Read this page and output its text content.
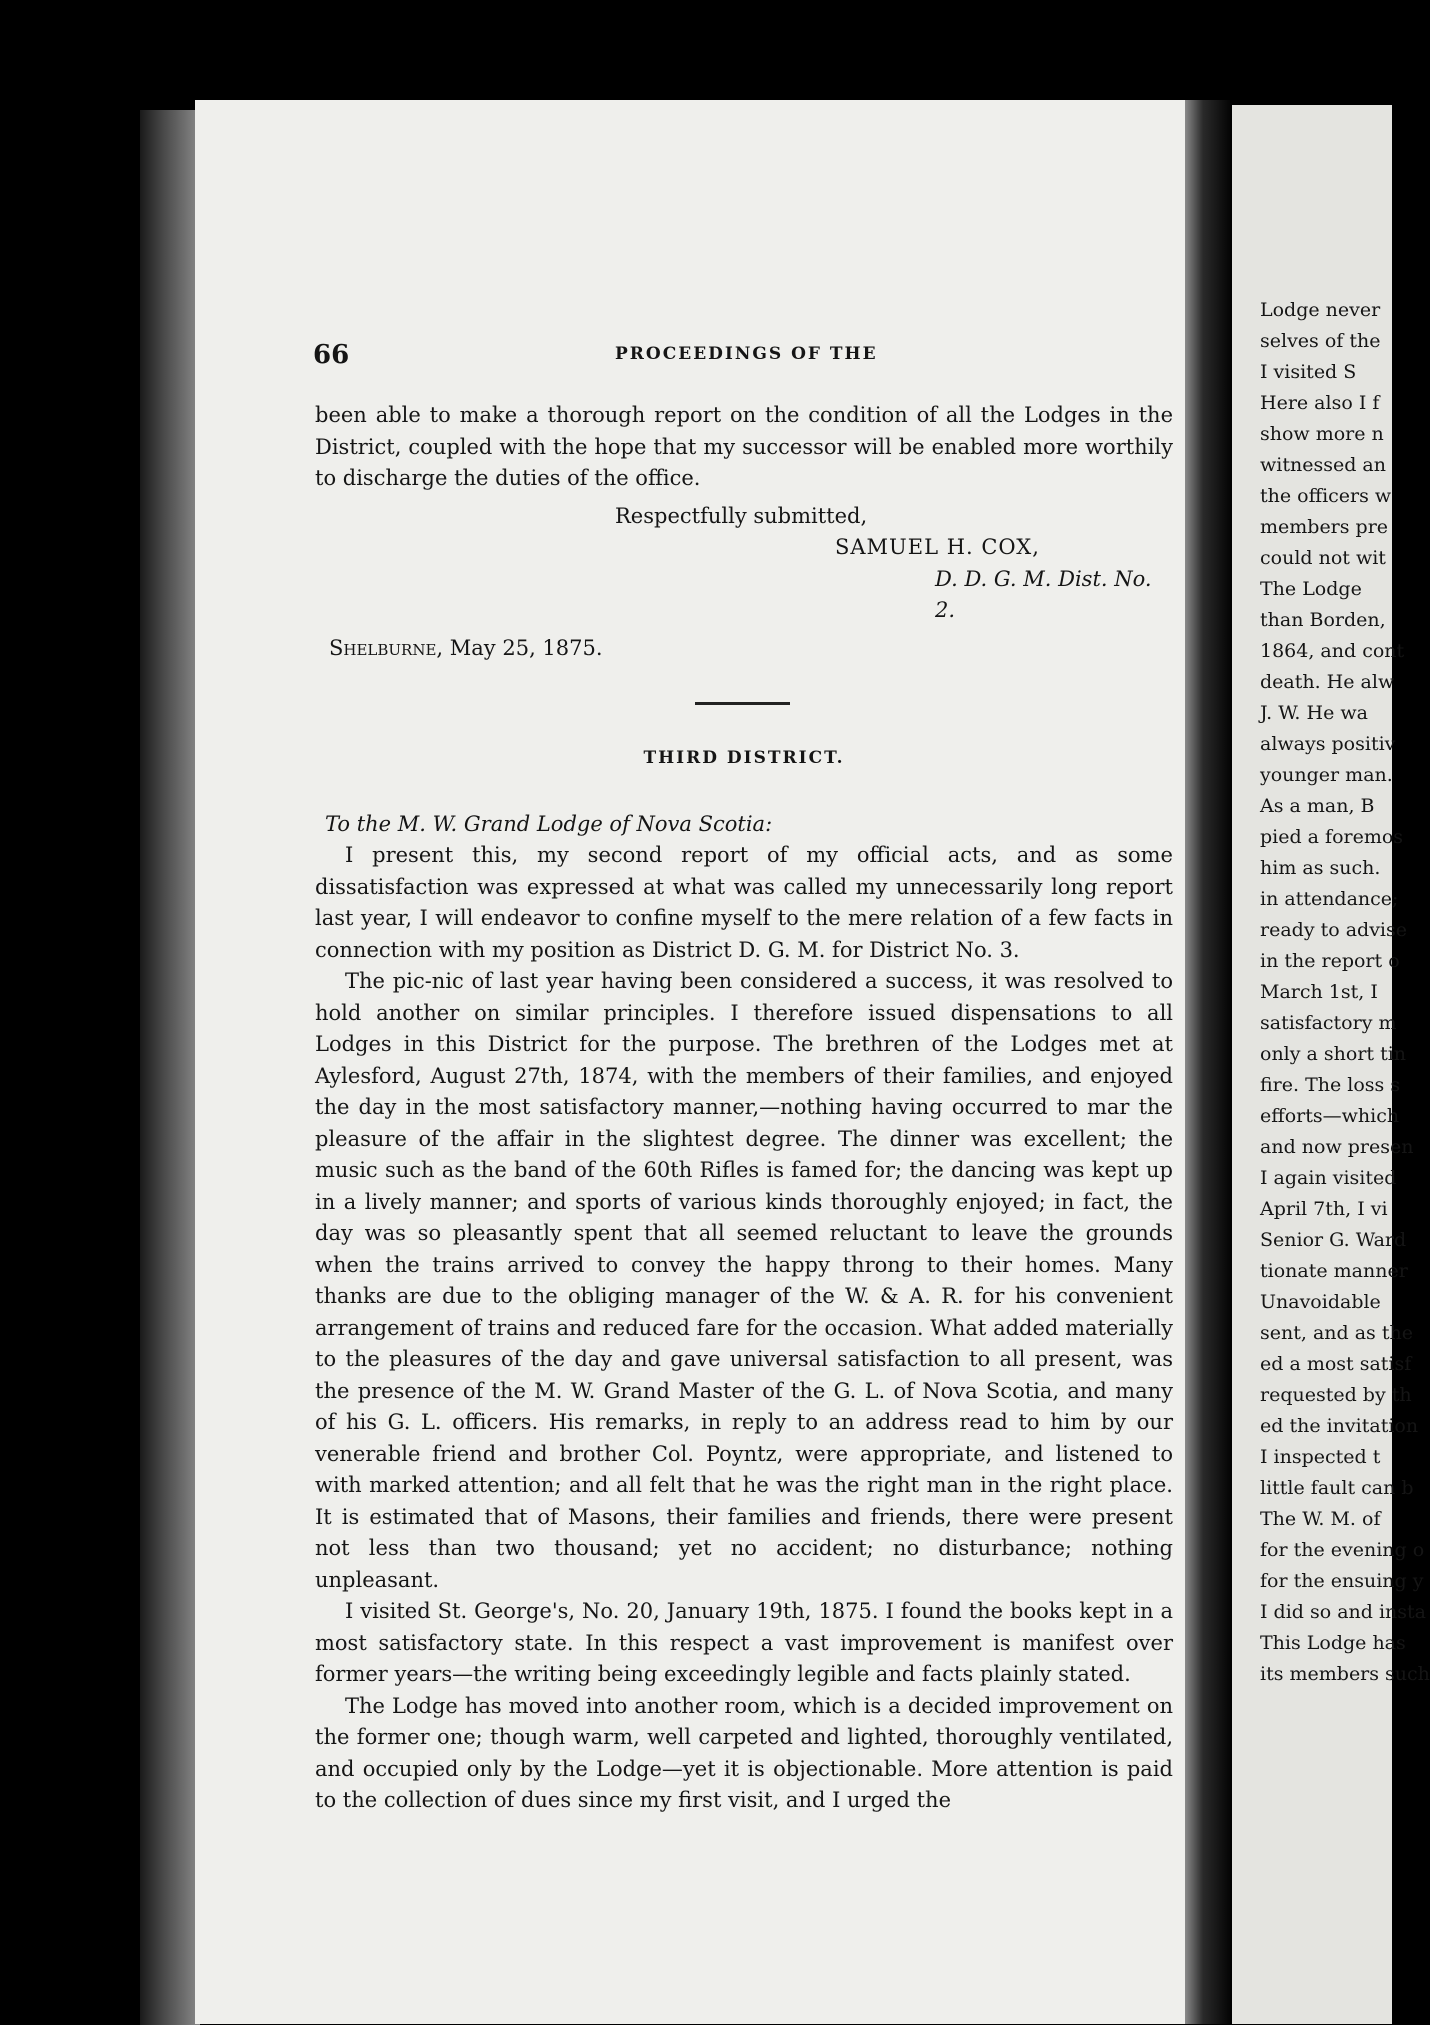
66	PROCEEDINGS OF THE

been able to make a thorough report on the condition of all the Lodges in the District, coupled with the hope that my successor will be enabled more worthily to discharge the duties of the office.

Respectfully submitted,
SAMUEL H. COX,
D. D. G. M. Dist. No. 2.
Shelburne, May 25, 1875.
THIRD DISTRICT.
To the M. W. Grand Lodge of Nova Scotia:

I present this, my second report of my official acts, and as some dissatisfaction was expressed at what was called my unnecessarily long report last year, I will endeavor to confine myself to the mere relation of a few facts in connection with my position as District D. G. M. for District No. 3.

The pic-nic of last year having been considered a success, it was resolved to hold another on similar principles. I therefore issued dispensations to all Lodges in this District for the purpose. The brethren of the Lodges met at Aylesford, August 27th, 1874, with the members of their families, and enjoyed the day in the most satisfactory manner,—nothing having occurred to mar the pleasure of the affair in the slightest degree. The dinner was excellent; the music such as the band of the 60th Rifles is famed for; the dancing was kept up in a lively manner; and sports of various kinds thoroughly enjoyed; in fact, the day was so pleasantly spent that all seemed reluctant to leave the grounds when the trains arrived to convey the happy throng to their homes. Many thanks are due to the obliging manager of the W. & A. R. for his convenient arrangement of trains and reduced fare for the occasion. What added materially to the pleasures of the day and gave universal satisfaction to all present, was the presence of the M. W. Grand Master of the G. L. of Nova Scotia, and many of his G. L. officers. His remarks, in reply to an address read to him by our venerable friend and brother Col. Poyntz, were appropriate, and listened to with marked attention; and all felt that he was the right man in the right place. It is estimated that of Masons, their families and friends, there were present not less than two thousand; yet no accident; no disturbance; nothing unpleasant.

I visited St. George's, No. 20, January 19th, 1875. I found the books kept in a most satisfactory state. In this respect a vast improvement is manifest over former years—the writing being exceedingly legible and facts plainly stated.

The Lodge has moved into another room, which is a decided improvement on the former one; though warm, well carpeted and lighted, thoroughly ventilated, and occupied only by the Lodge—yet it is objectionable. More attention is paid to the collection of dues since my first visit, and I urged the

Lodge never
selves of the
I visited S
Here also I f
show more n
witnessed an
the officers w
members pre
could not wit
The Lodge
than Borden,
1864, and cont
death. He alw
J. W. He wa
always positiv
younger man.
As a man, B
pied a foremos
him as such.
in attendance;
ready to advise
in the report o
March 1st, I
satisfactory m
only a short tin
fire. The loss s
efforts—which
and now presen
I again visited
April 7th, I vi
Senior G. Ward
tionate manner
Unavoidable
sent, and as the
ed a most satisf
requested by th
ed the invitation
I inspected t
little fault can b
The W. M. of
for the evening o
for the ensuing y
I did so and insta
This Lodge has
its members such
